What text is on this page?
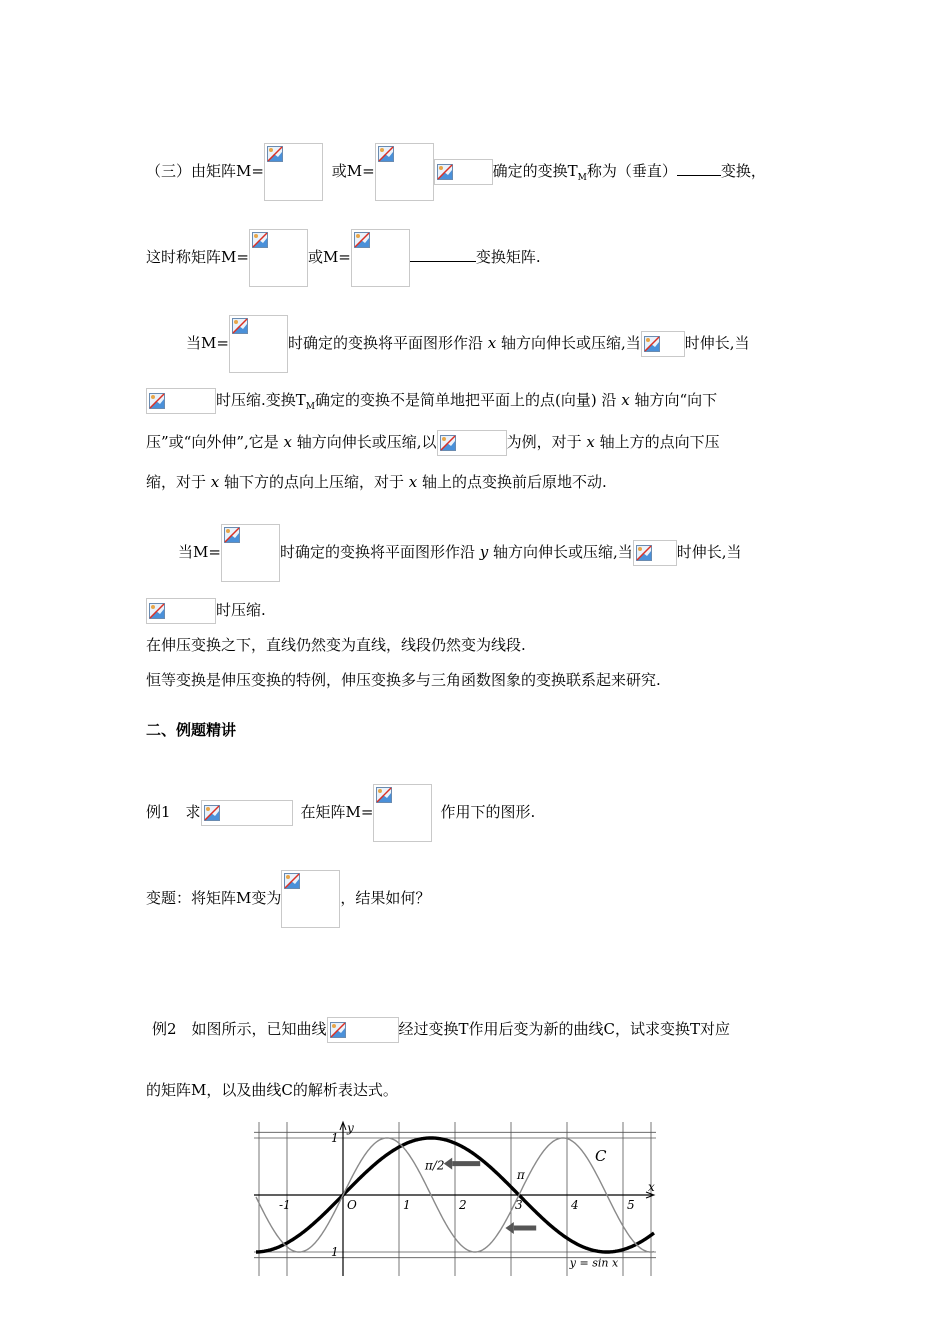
（三）由矩阵M=	或M=	确定的变换$T_M$称为（垂直）	变换，
这时称矩阵M=	或M=	变换矩阵.
当M=	时确定的变换将平面图形作沿 x 轴方向伸长或压缩,当	时伸长,当
时压缩.变换$T_M$确定的变换不是简单地把平面上的点(向量) 沿 x 轴方向“向下
压”或“向外伸”,它是 x 轴方向伸长或压缩,以	为例，对于 x 轴上方的点向下压
缩，对于 x 轴下方的点向上压缩，对于 x 轴上的点变换前后原地不动.
当M=	时确定的变换将平面图形作沿 y 轴方向伸长或压缩,当	时伸长,当
时压缩.
在伸压变换之下，直线仍然变为直线，线段仍然变为线段.
恒等变换是伸压变换的特例，伸压变换多与三角函数图象的变换联系起来研究.
二、例题精讲
例1　求	在矩阵M=	作用下的图形.
变题：将矩阵M变为	，结果如何？
例2　如图所示，已知曲线	经过变换T作用后变为新的曲线C，试求变换T对应
的矩阵M，以及曲线C的解析表达式。
-1	1	2	3	4	5
1
1
O
x
y
π/2
π
C
y = sin x
